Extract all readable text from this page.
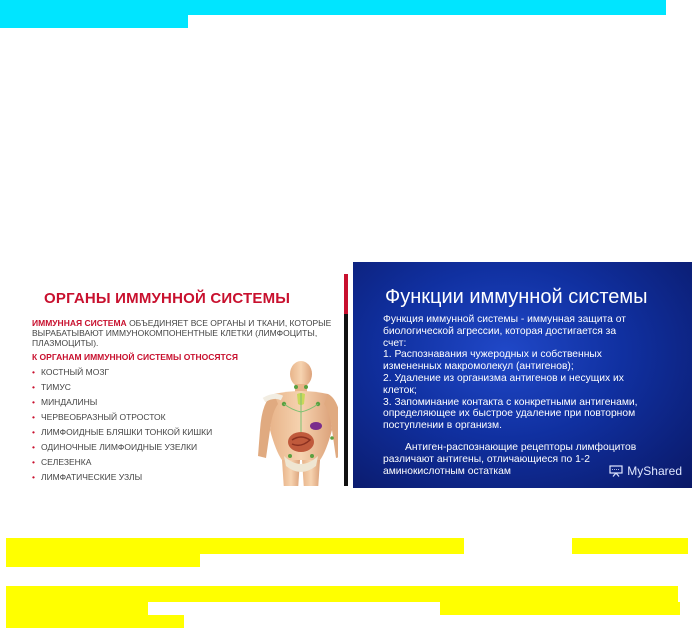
ОРГАНЫ ИММУННОЙ СИСТЕМЫ
ИММУННАЯ СИСТЕМА ОБЪЕДИНЯЕТ ВСЕ ОРГАНЫ И ТКАНИ, КОТОРЫЕ ВЫРАБАТЫВАЮТ ИММУНОКОМПОНЕНТНЫЕ КЛЕТКИ (ЛИМФОЦИТЫ, ПЛАЗМОЦИТЫ).
К ОРГАНАМ ИММУННОЙ СИСТЕМЫ ОТНОСЯТСЯ
• КОСТНЫЙ МОЗГ
• ТИМУС
• МИНДАЛИНЫ
• ЧЕРВЕОБРАЗНЫЙ ОТРОСТОК
• ЛИМФОИДНЫЕ БЛЯШКИ ТОНКОЙ КИШКИ
• ОДИНОЧНЫЕ ЛИМФОИДНЫЕ УЗЕЛКИ
• СЕЛЕЗЕНКА
• ЛИМФАТИЧЕСКИЕ УЗЛЫ
Функции иммунной системы

Функция иммунной системы - иммунная защита от
биологической агрессии, которая достигается за
счет:
1. Распознавания чужеродных и собственных
измененных макромолекул (антигенов);
2. Удаление из организма антигенов и несущих их
клеток;
3. Запоминание контакта с конкретными антигенами,
определяющее их быстрое удаление при повторном
поступлении в организм.

Антиген-распознающие рецепторы лимфоцитов
различают антигены, отличающиеся по 1-2
аминокислотным остаткам	MyShared
